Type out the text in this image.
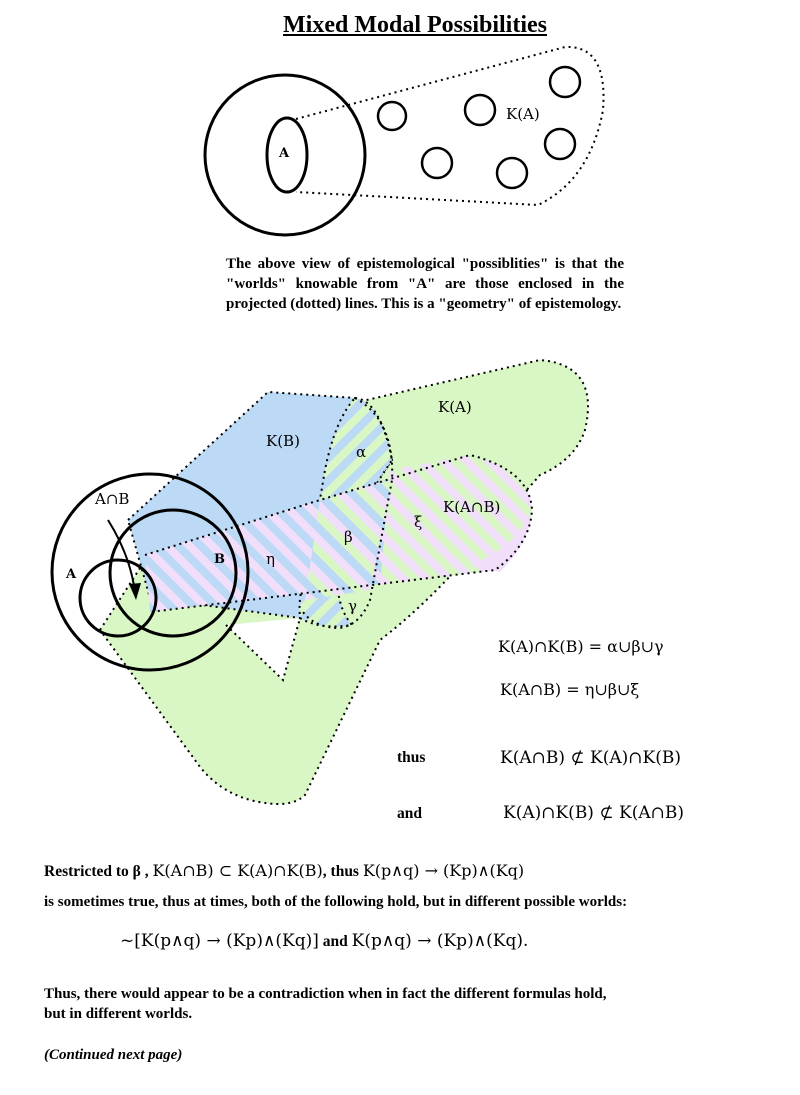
Mixed Modal Possibilities
The above view of epistemological "possiblities" is that the "worlds" knowable from "A" are those enclosed in the projected (dotted) lines. This is a "geometry" of epistemology.
A
K(A)
K(B)
K(A)
K(A∩B)
A∩B
A
B
α
β
γ
η
ξ
K(A)∩K(B) = α∪β∪γ
K(A∩B) = η∪β∪ξ
thus	K(A∩B) ⊄ K(A)∩K(B)
and	K(A)∩K(B) ⊄ K(A∩B)
Restricted to β , K(A∩B) ⊂ K(A)∩K(B), thus K(p∧q) → (Kp)∧(Kq)
is sometimes true, thus at times, both of the following hold, but in different possible worlds:
~[K(p∧q) → (Kp)∧(Kq)] and K(p∧q) → (Kp)∧(Kq).
Thus, there would appear to be a contradiction when in fact the different formulas hold,
but in different worlds.
(Continued next page)
